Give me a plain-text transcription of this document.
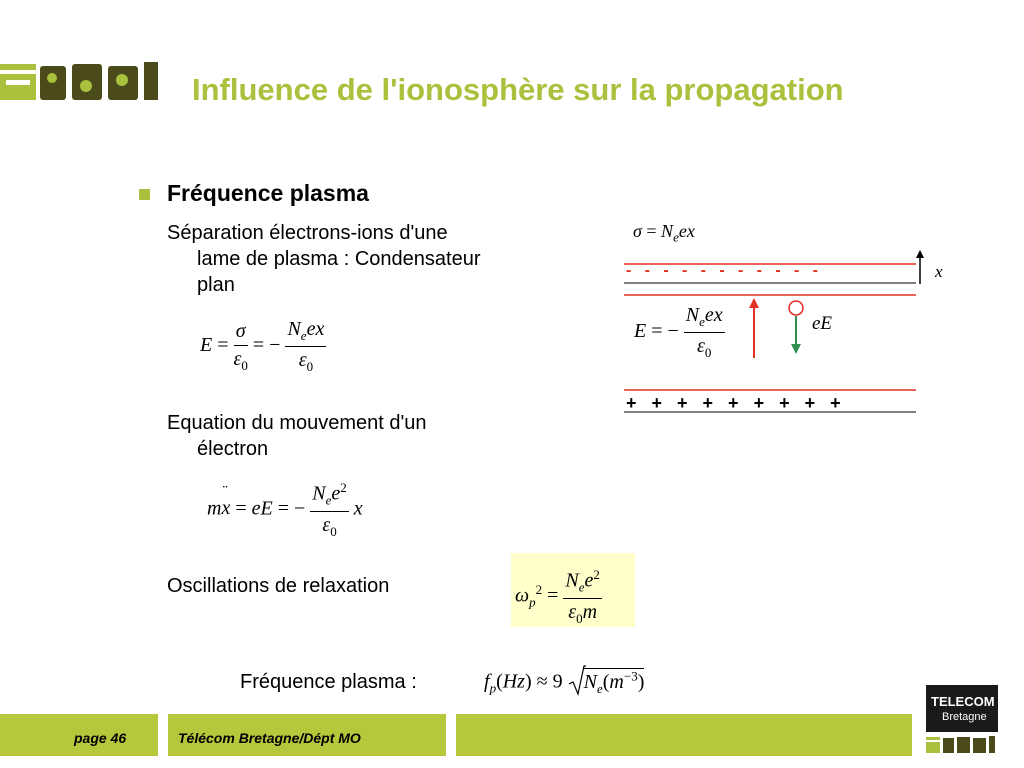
Influence de l'ionosphère sur la propagation
Fréquence plasma
Séparation électrons-ions d'une
lame de plasma : Condensateur
plan
$E = \frac{\sigma}{\varepsilon_0}$ = − $\frac{N_eex}{\varepsilon_0}$
Equation du mouvement d'un
électron
mx
¨
= eE = − $\frac{N_ee^2}{\varepsilon_0}$ x
Oscillations de relaxation	$\omega_p^2 = \frac{N_ee^2}{\varepsilon_0m}$
Fréquence plasma :	$f_p(Hz) \approx 9$ $N_e(m^{-3})$
$\sigma = N_eex$
-   -   -   -   -   -   -   -   -   -   -	x
+   +   +   +   +   +   +   +   +
E = − $\frac{N_eex}{\varepsilon_0}$	eE
page 46	Télécom Bretagne/Dépt MO
TELECOM
Bretagne
